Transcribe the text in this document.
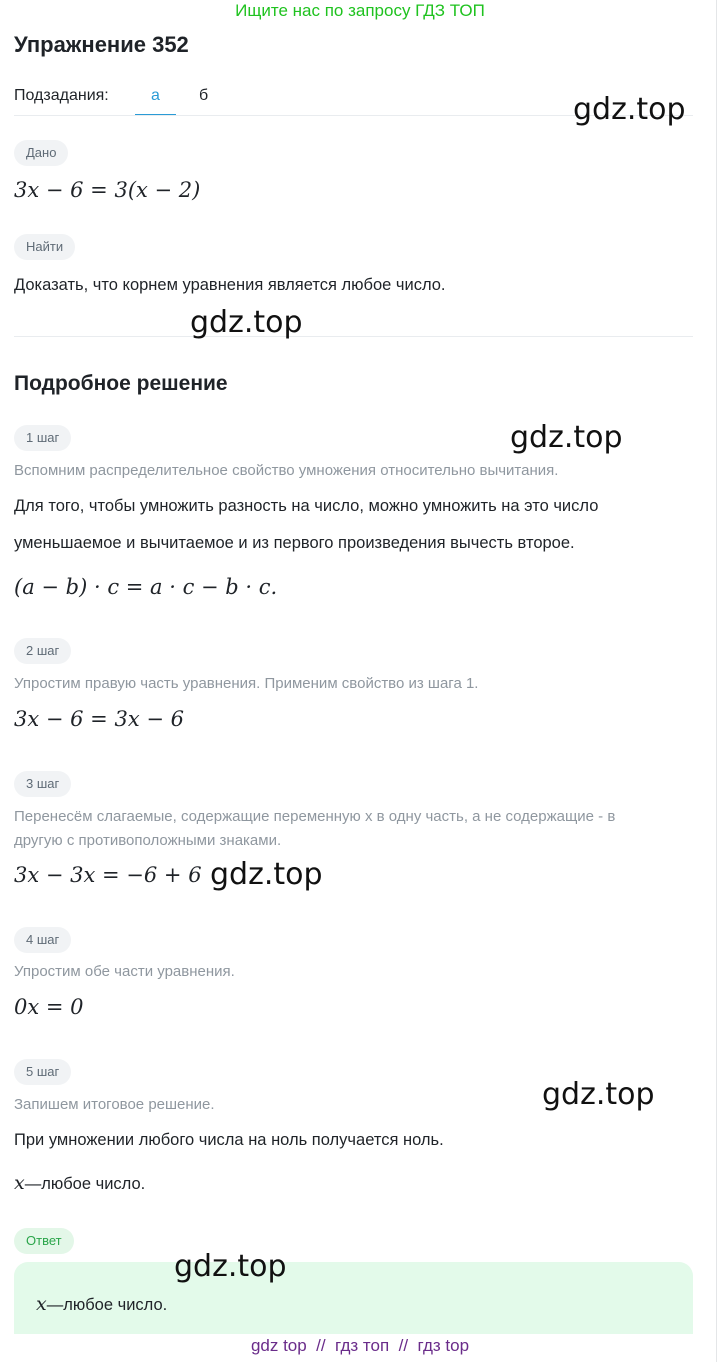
Ищите нас по запросу ГДЗ ТОП
Упражнение 352
Подзадания:	а б
Дано
3x − 6 = 3(x − 2)
Найти
Доказать, что корнем уравнения является любое число.
Подробное решение
1 шаг
Вспомним распределительное свойство умножения относительно вычитания.
Для того, чтобы умножить разность на число, можно умножить на это число
уменьшаемое и вычитаемое и из первого произведения вычесть второе.
(a − b) · c = a · c − b · c.
2 шаг
Упростим правую часть уравнения. Применим свойство из шага 1.
3x − 6 = 3x − 6
3 шаг
Перенесём слагаемые, содержащие переменную x в одну часть, а не содержащие - в
другую с противоположными знаками.
3x − 3x = −6 + 6
4 шаг
Упростим обе части уравнения.
0x = 0
5 шаг
Запишем итоговое решение.
При умножении любого числа на ноль получается ноль.
x—любое число.
Ответ
x—любое число.
gdz.top
gdz.top
gdz.top
gdz.top
gdz.top
gdz.top
gdz top  //  гдз топ  //  гдз top
